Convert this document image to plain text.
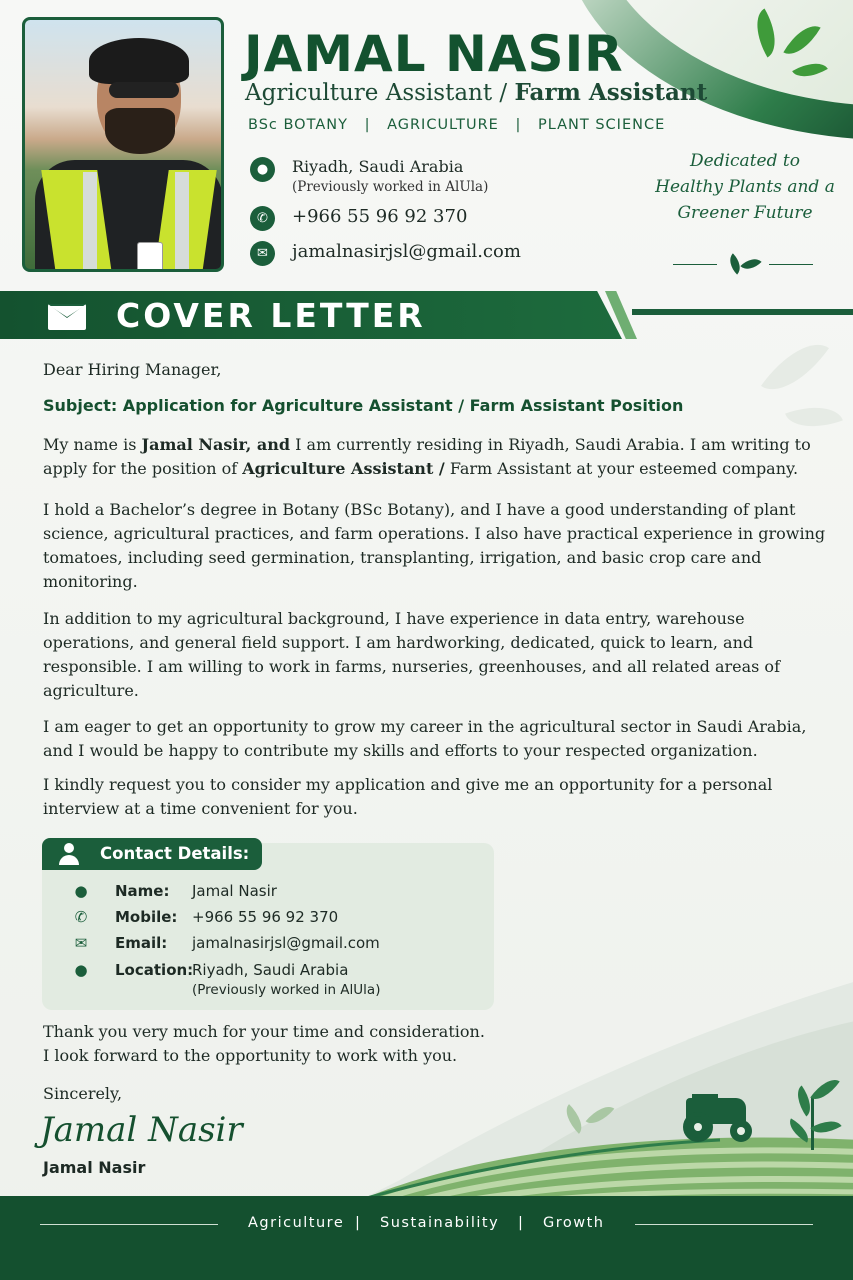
JAMAL NASIR
Agriculture Assistant / Farm Assistant
BSc BOTANY | AGRICULTURE | PLANT SCIENCE
●	Riyadh, Saudi Arabia
(Previously worked in AlUla)
✆	+966 55 96 92 370
✉	jamalnasirjsl@gmail.com
Dedicated to Healthy Plants and a Greener Future
COVER LETTER
Dear Hiring Manager,
Subject: Application for Agriculture Assistant / Farm Assistant Position
My name is Jamal Nasir, and I am currently residing in Riyadh, Saudi Arabia. I am writing to apply for the position of Agriculture Assistant / Farm Assistant at your esteemed company.
I hold a Bachelor’s degree in Botany (BSc Botany), and I have a good understanding of plant science, agricultural practices, and farm operations. I also have practical experience in growing tomatoes, including seed germination, transplanting, irrigation, and basic crop care and monitoring.
In addition to my agricultural background, I have experience in data entry, warehouse operations, and general field support. I am hardworking, dedicated, quick to learn, and responsible. I am willing to work in farms, nurseries, greenhouses, and all related areas of agriculture.
I am eager to get an opportunity to grow my career in the agricultural sector in Saudi Arabia, and I would be happy to contribute my skills and efforts to your respected organization.
I kindly request you to consider my application and give me an opportunity for a personal interview at a time convenient for you.
Contact Details:
● Name:	Jamal Nasir
✆ Mobile: +966 55 96 92 370
✉ Email:	jamalnasirjsl@gmail.com
● Location:
Riyadh, Saudi Arabia
(Previously worked in AlUla)
Thank you very much for your time and consideration.
I look forward to the opportunity to work with you.
Sincerely,
Jamal Nasir
Jamal Nasir
Agriculture | Sustainability | Growth
